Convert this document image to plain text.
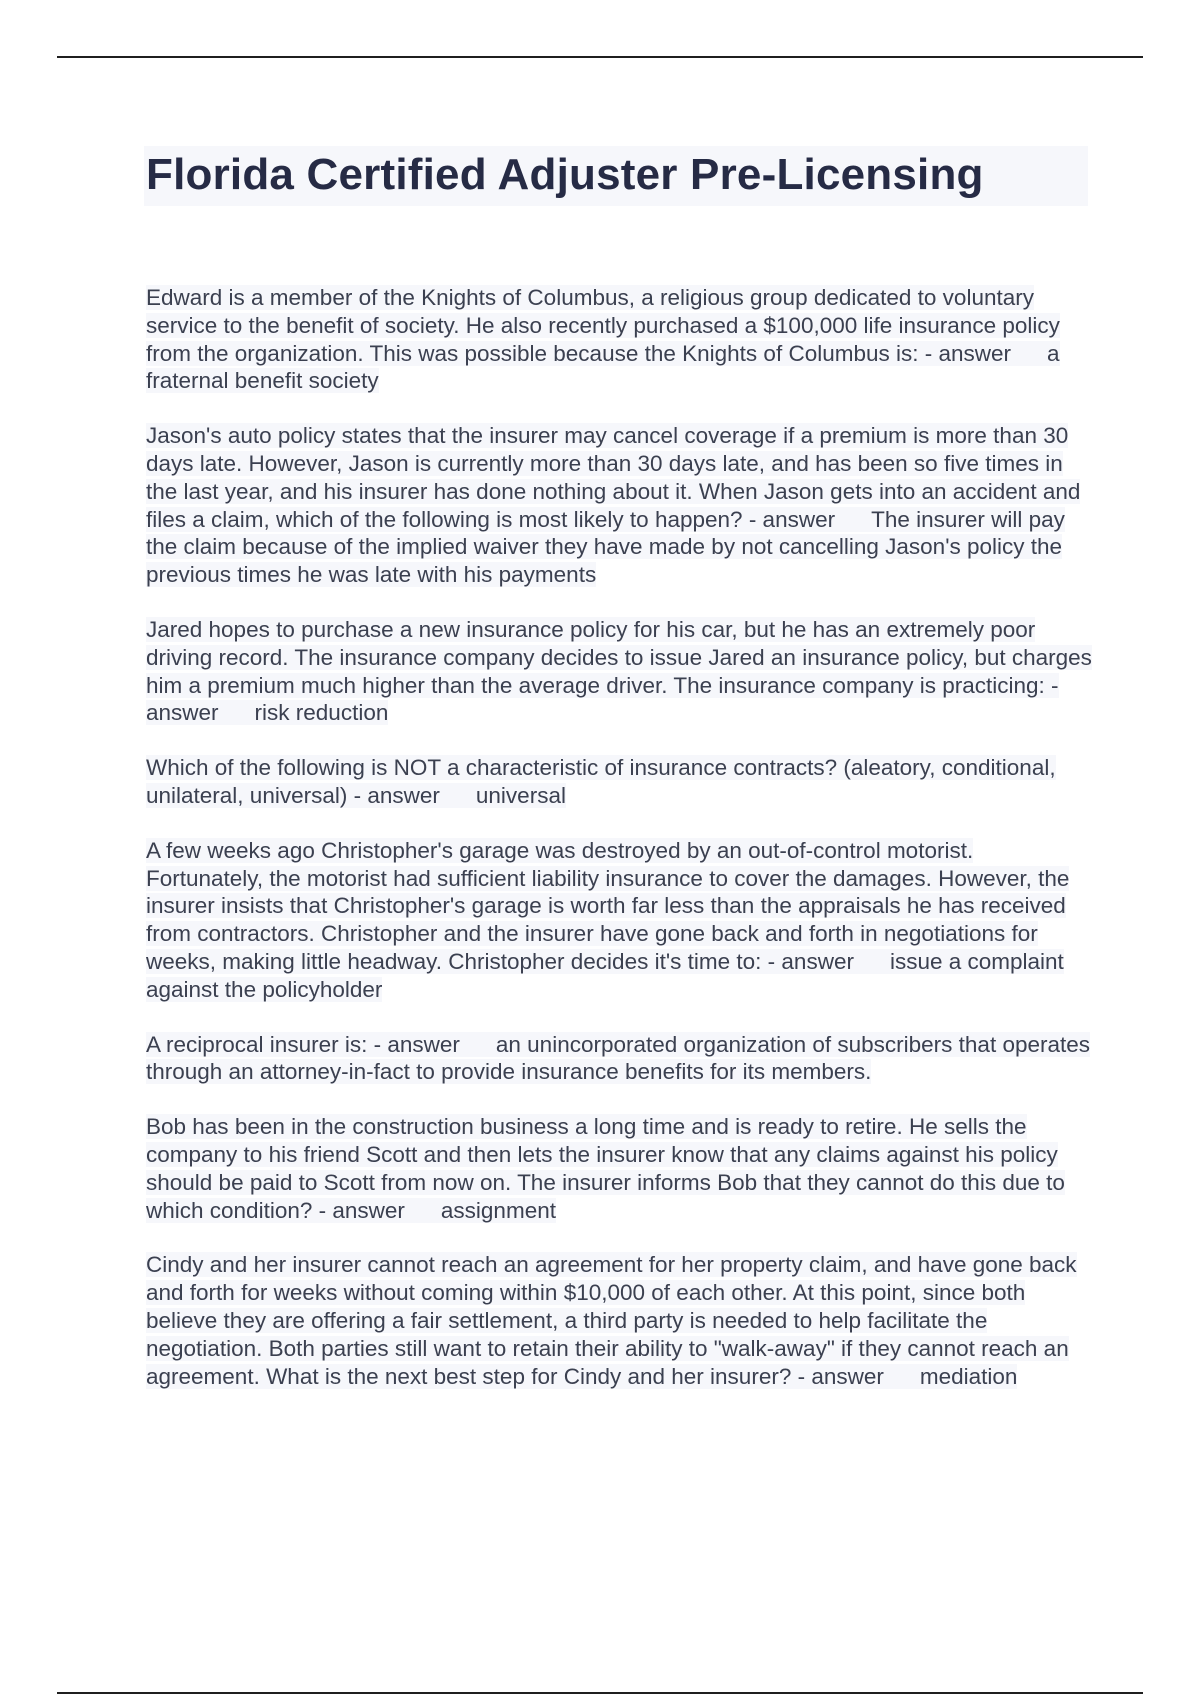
Florida Certified Adjuster Pre-Licensing

Edward is a member of the Knights of Columbus, a religious group dedicated to voluntary service to the benefit of society. He also recently purchased a $100,000 life insurance policy from the organization. This was possible because the Knights of Columbus is: - answer a fraternal benefit society

Jason's auto policy states that the insurer may cancel coverage if a premium is more than 30 days late. However, Jason is currently more than 30 days late, and has been so five times in the last year, and his insurer has done nothing about it. When Jason gets into an accident and files a claim, which of the following is most likely to happen? - answer The insurer will pay the claim because of the implied waiver they have made by not cancelling Jason's policy the previous times he was late with his payments

Jared hopes to purchase a new insurance policy for his car, but he has an extremely poor driving record. The insurance company decides to issue Jared an insurance policy, but charges him a premium much higher than the average driver. The insurance company is practicing: - answer risk reduction

Which of the following is NOT a characteristic of insurance contracts? (aleatory, conditional, unilateral, universal) - answer universal

A few weeks ago Christopher's garage was destroyed by an out-of-control motorist. Fortunately, the motorist had sufficient liability insurance to cover the damages. However, the insurer insists that Christopher's garage is worth far less than the appraisals he has received from contractors. Christopher and the insurer have gone back and forth in negotiations for weeks, making little headway. Christopher decides it's time to: - answer issue a complaint against the policyholder

A reciprocal insurer is: - answer an unincorporated organization of subscribers that operates through an attorney-in-fact to provide insurance benefits for its members.

Bob has been in the construction business a long time and is ready to retire. He sells the company to his friend Scott and then lets the insurer know that any claims against his policy should be paid to Scott from now on. The insurer informs Bob that they cannot do this due to which condition? - answer assignment

Cindy and her insurer cannot reach an agreement for her property claim, and have gone back and forth for weeks without coming within $10,000 of each other. At this point, since both believe they are offering a fair settlement, a third party is needed to help facilitate the negotiation. Both parties still want to retain their ability to "walk-away" if they cannot reach an agreement. What is the next best step for Cindy and her insurer? - answer mediation
